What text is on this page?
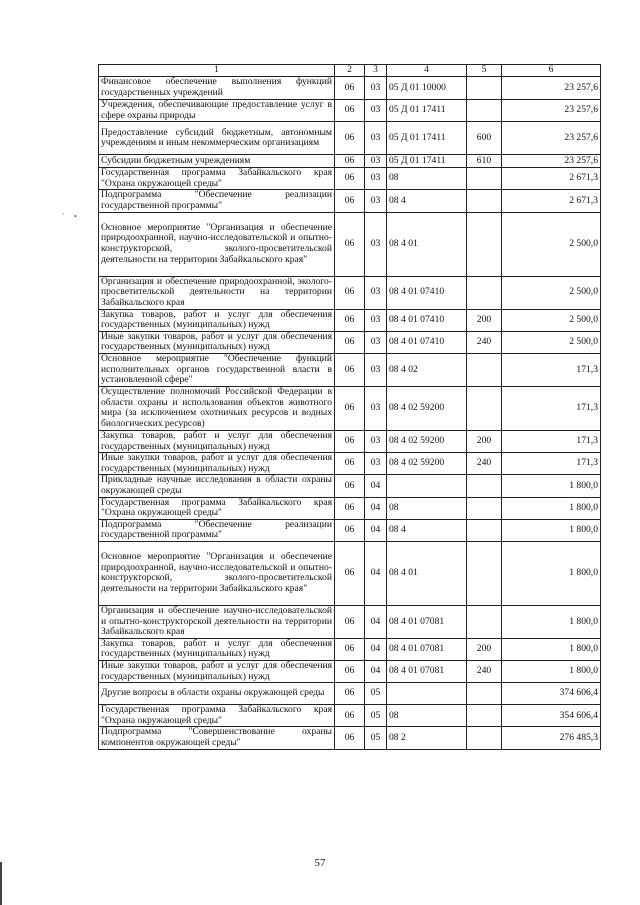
· •
1	2	3	4	5	6
Финансовое обеспечение выполнения функций государственных учреждений	06	03	05 Д 01 10000		23 257,6
Учреждения, обеспечивающие предоставление услуг в сфере охраны природы	06	03	05 Д 01 17411		23 257,6
Предоставление субсидий бюджетным, автономным учреждениям и иным некоммерческим организациям	06	03	05 Д 01 17411	600	23 257,6
Субсидии бюджетным учреждениям	06	03	05 Д 01 17411	610	23 257,6
Государственная программа Забайкальского края "Охрана окружающей среды"	06	03	08		2 671,3
Подпрограмма "Обеспечение реализации государственной программы"	06	03	08 4		2 671,3
Основное мероприятие "Организация и обеспечение природоохранной, научно-исследовательской и опытно-конструкторской, эколого-просветительской деятельности на территории Забайкальского края"	06	03	08 4 01		2 500,0
Организация и обеспечение природоохранной, эколого-просветительской деятельности на территории Забайкальского края	06	03	08 4 01 07410		2 500,0
Закупка товаров, работ и услуг для обеспечения государственных (муниципальных) нужд	06	03	08 4 01 07410	200	2 500,0
Иные закупки товаров, работ и услуг для обеспечения государственных (муниципальных) нужд	06	03	08 4 01 07410	240	2 500,0
Основное мероприятие "Обеспечение функций исполнительных органов государственной власти в установленной сфере"	06	03	08 4 02		171,3
Осуществление полномочий Российской Федерации в области охраны и использования объектов животного мира (за исключением охотничьих ресурсов и водных биологических ресурсов)	06	03	08 4 02 59200		171,3
Закупка товаров, работ и услуг для обеспечения государственных (муниципальных) нужд	06	03	08 4 02 59200	200	171,3
Иные закупки товаров, работ и услуг для обеспечения государственных (муниципальных) нужд	06	03	08 4 02 59200	240	171,3
Прикладные научные исследования в области охраны окружающей среды	06	04			1 800,0
Государственная программа Забайкальского края "Охрана окружающей среды"	06	04	08		1 800,0
Подпрограмма "Обеспечение реализации государственной программы"	06	04	08 4		1 800,0
Основное мероприятие "Организация и обеспечение природоохранной, научно-исследовательской и опытно-конструкторской, эколого-просветительской деятельности на территории Забайкальского края"	06	04	08 4 01		1 800,0
Организация и обеспечение научно-исследовательской и опытно-конструкторской деятельности на территории Забайкальского края	06	04	08 4 01 07081		1 800,0
Закупка товаров, работ и услуг для обеспечения государственных (муниципальных) нужд	06	04	08 4 01 07081	200	1 800,0
Иные закупки товаров, работ и услуг для обеспечения государственных (муниципальных) нужд	06	04	08 4 01 07081	240	1 800,0
Другие вопросы в области охраны окружающей среды	06	05			374 606,4
Государственная программа Забайкальского края "Охрана окружающей среды"	06	05	08		354 606,4
Подпрограмма "Совершенствование охраны компонентов окружающей среды"	06	05	08 2		276 485,3
57
